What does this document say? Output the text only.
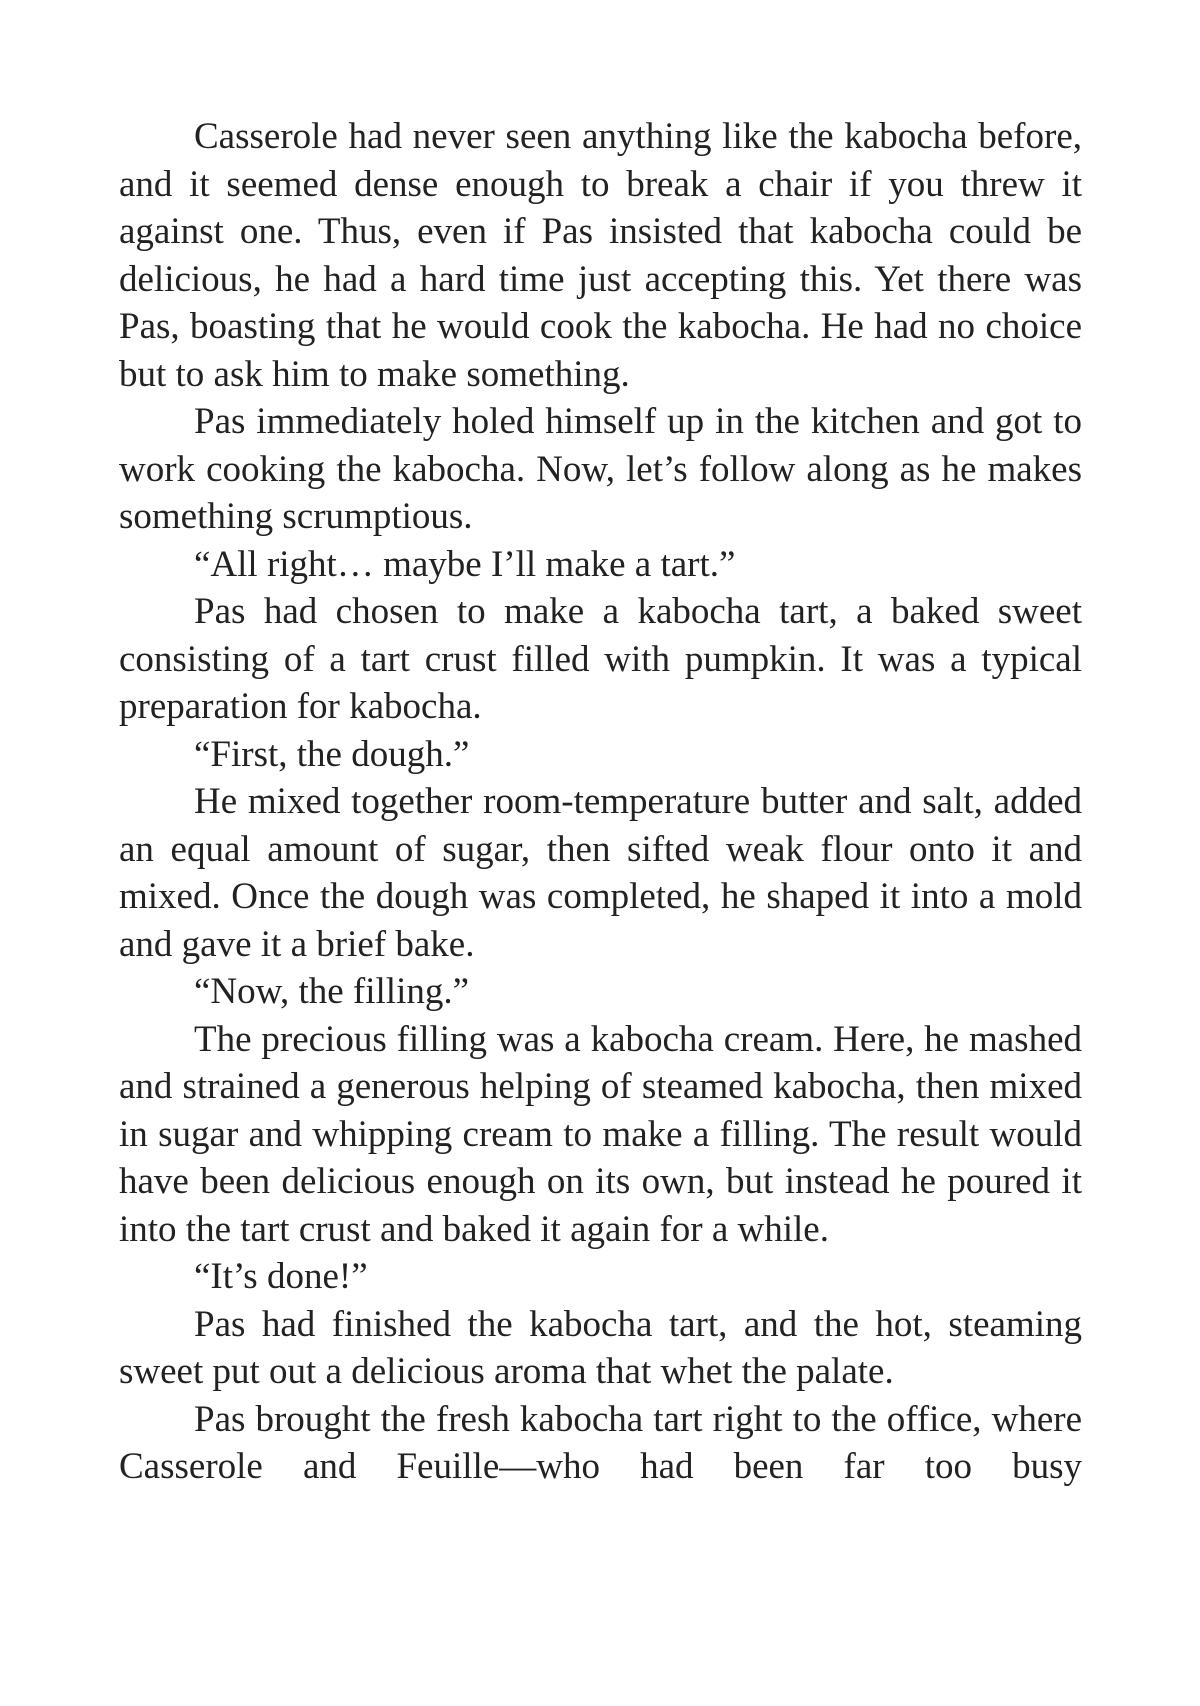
Casserole had never seen anything like the kabocha before, and it seemed dense enough to break a chair if you threw it against one. Thus, even if Pas insisted that kabocha could be delicious, he had a hard time just accepting this. Yet there was Pas, boasting that he would cook the kabocha. He had no choice but to ask him to make something.

Pas immediately holed himself up in the kitchen and got to work cooking the kabocha. Now, let’s follow along as he makes something scrumptious.

“All right… maybe I’ll make a tart.”

Pas had chosen to make a kabocha tart, a baked sweet consisting of a tart crust filled with pumpkin. It was a typical preparation for kabocha.

“First, the dough.”

He mixed together room-temperature butter and salt, added an equal amount of sugar, then sifted weak flour onto it and mixed. Once the dough was completed, he shaped it into a mold and gave it a brief bake.

“Now, the filling.”

The precious filling was a kabocha cream. Here, he mashed and strained a generous helping of steamed kabocha, then mixed in sugar and whipping cream to make a filling. The result would have been delicious enough on its own, but instead he poured it into the tart crust and baked it again for a while.

“It’s done!”

Pas had finished the kabocha tart, and the hot, steaming sweet put out a delicious aroma that whet the palate.

Pas brought the fresh kabocha tart right to the office, where Casserole and Feuille—who had been far too busy
